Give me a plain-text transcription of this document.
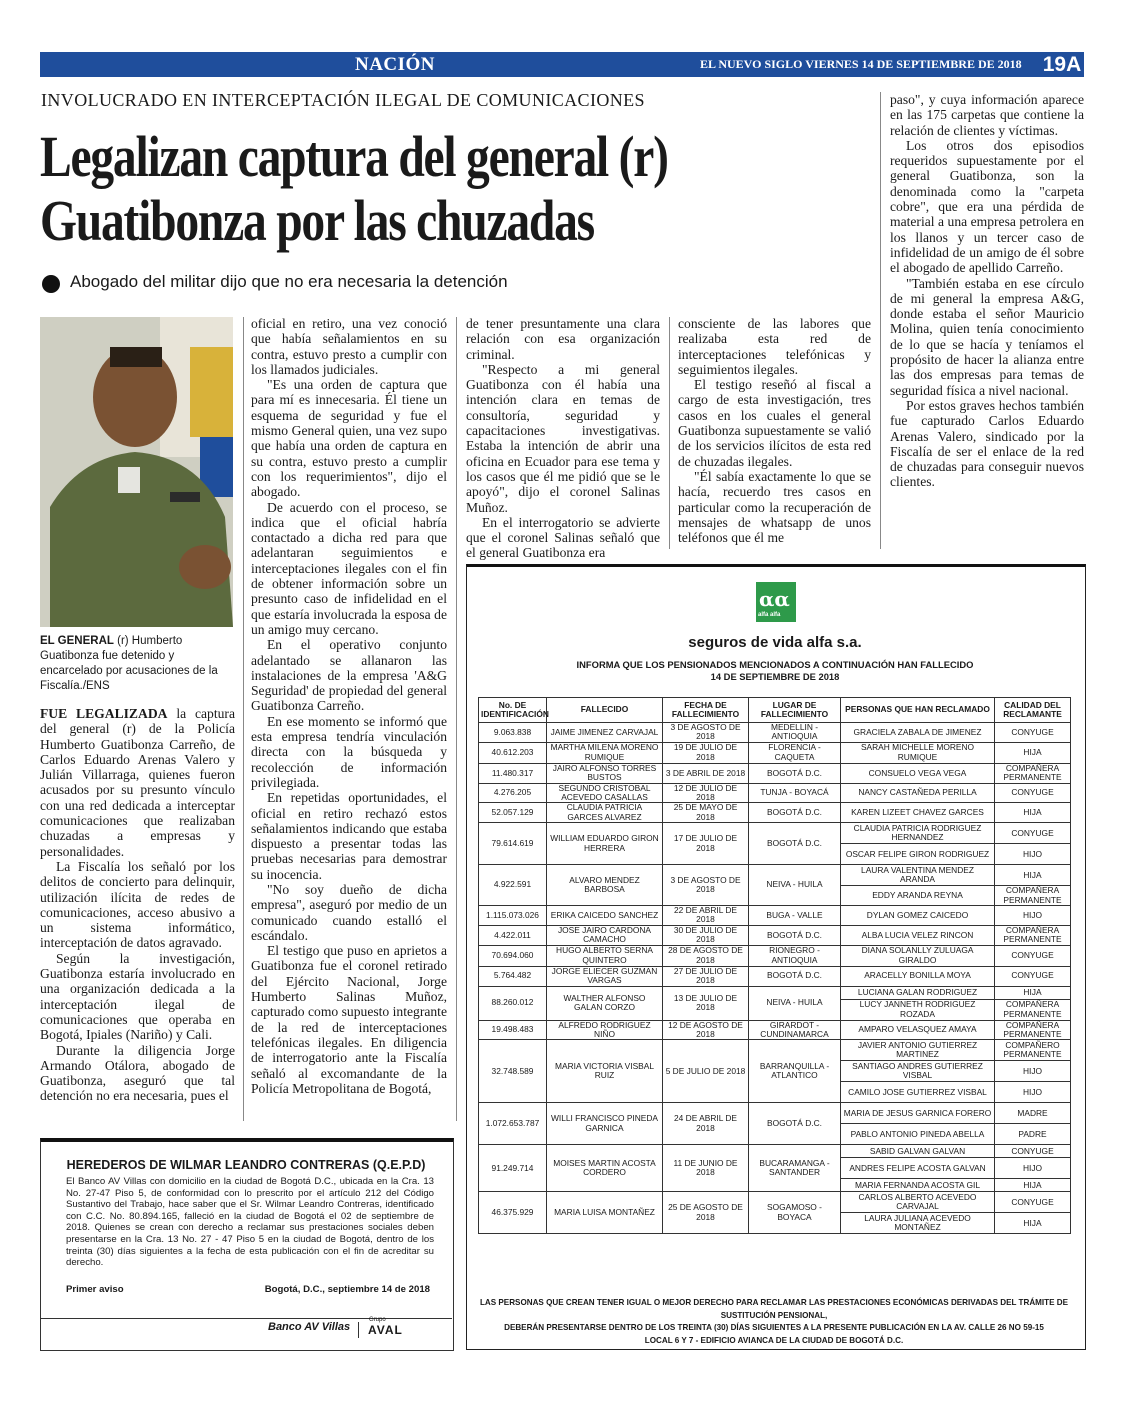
NACIÓN	EL NUEVO SIGLO VIERNES 14 DE SEPTIEMBRE DE 2018	19A
INVOLUCRADO EN INTERCEPTACIÓN ILEGAL DE COMUNICACIONES
Legalizan captura del general (r)
Guatibonza por las chuzadas
Abogado del militar dijo que no era necesaria la detención
EL GENERAL (r) Humberto Guatibonza fue detenido y encarcelado por acusaciones de la Fiscalía./ENS

FUE LEGALIZADA la captura del general (r) de la Policía Humberto Guatibonza Carreño, de Carlos Eduardo Arenas Valero y Julián Villarraga, quienes fueron acusados por su presunto vínculo con una red dedicada a interceptar comunicaciones que realizaban chuzadas a empresas y personalidades.

La Fiscalía los señaló por los delitos de concierto para delinquir, utilización ilícita de redes de comunicaciones, acceso abusivo a un sistema informático, interceptación de datos agravado.

Según la investigación, Guatibonza estaría involucrado en una organización dedicada a la interceptación ilegal de comunicaciones que operaba en Bogotá, Ipiales (Nariño) y Cali.

Durante la diligencia Jorge Armando Otálora, abogado de Guatibonza, aseguró que tal detención no era necesaria, pues el

oficial en retiro, una vez conoció que había señalamientos en su contra, estuvo presto a cumplir con los llamados judiciales.

"Es una orden de captura que para mí es innecesaria. Él tiene un esquema de seguridad y fue el mismo General quien, una vez supo que había una orden de captura en su contra, estuvo presto a cumplir con los requerimientos", dijo el abogado.

De acuerdo con el proceso, se indica que el oficial habría contactado a dicha red para que adelantaran seguimientos e interceptaciones ilegales con el fin de obtener información sobre un presunto caso de infidelidad en el que estaría involucrada la esposa de un amigo muy cercano.

En el operativo conjunto adelantado se allanaron las instalaciones de la empresa 'A&G Seguridad' de propiedad del general Guatibonza Carreño.

En ese momento se informó que esta empresa tendría vinculación directa con la búsqueda y recolección de información privilegiada.

En repetidas oportunidades, el oficial en retiro rechazó estos señalamientos indicando que estaba dispuesto a presentar todas las pruebas necesarias para demostrar su inocencia.

"No soy dueño de dicha empresa", aseguró por medio de un comunicado cuando estalló el escándalo.

El testigo que puso en aprietos a Guatibonza fue el coronel retirado del Ejército Nacional, Jorge Humberto Salinas Muñoz, capturado como supuesto integrante de la red de interceptaciones telefónicas ilegales. En diligencia de interrogatorio ante la Fiscalía señaló al excomandante de la Policía Metropolitana de Bogotá,

de tener presuntamente una clara relación con esa organización criminal.

"Respecto a mi general Guatibonza con él había una intención clara en temas de consultoría, seguridad y capacitaciones investigativas. Estaba la intención de abrir una oficina en Ecuador para ese tema y los casos que él me pidió que se le apoyó", dijo el coronel Salinas Muñoz.

En el interrogatorio se advierte que el coronel Salinas señaló que el general Guatibonza era

consciente de las labores que realizaba esta red de interceptaciones telefónicas y seguimientos ilegales.

El testigo reseñó al fiscal a cargo de esta investigación, tres casos en los cuales el general Guatibonza supuestamente se valió de los servicios ilícitos de esta red de chuzadas ilegales.

"Él sabía exactamente lo que se hacía, recuerdo tres casos en particular como la recuperación de mensajes de whatsapp de unos teléfonos que él me

paso", y cuya información aparece en las 175 carpetas que contiene la relación de clientes y víctimas.

Los otros dos episodios requeridos supuestamente por el general Guatibonza, son la denominada como la "carpeta cobre", que era una pérdida de material a una empresa petrolera en los llanos y un tercer caso de infidelidad de un amigo de él sobre el abogado de apellido Carreño.

"También estaba en ese círculo de mi general la empresa A&G, donde estaba el señor Mauricio Molina, quien tenía conocimiento de lo que se hacía y teníamos el propósito de hacer la alianza entre las dos empresas para temas de seguridad física a nivel nacional.

Por estos graves hechos también fue capturado Carlos Eduardo Arenas Valero, sindicado por la Fiscalía de ser el enlace de la red de chuzadas para conseguir nuevos clientes.

HEREDEROS DE WILMAR LEANDRO CONTRERAS (Q.E.P.D)
El Banco AV Villas con domicilio en la ciudad de Bogotá D.C., ubicada en la Cra. 13 No. 27-47 Piso 5, de conformidad con lo prescrito por el artículo 212 del Código Sustantivo del Trabajo, hace saber que el Sr. Wilmar Leandro Contreras, identificado con C.C. No. 80.894.165, falleció en la ciudad de Bogotá el 02 de septiembre de 2018. Quienes se crean con derecho a reclamar sus prestaciones sociales deben presentarse en la Cra. 13 No. 27 - 47 Piso 5 en la ciudad de Bogotá, dentro de los treinta (30) días siguientes a la fecha de esta publicación con el fin de acreditar su derecho.
Primer aviso	Bogotá, D.C., septiembre 14 de 2018
Banco AV Villas
Grupo
AVAL
αα
alfa alfa
seguros de vida alfa s.a.
INFORMA QUE LOS PENSIONADOS MENCIONADOS A CONTINUACIÓN HAN FALLECIDO
14 DE SEPTIEMBRE DE 2018
No. DE IDENTIFICACIÓN	FALLECIDO	FECHA DE FALLECIMIENTO	LUGAR DE FALLECIMIENTO	PERSONAS QUE HAN RECLAMADO	CALIDAD DEL RECLAMANTE
9.063.838	JAIME JIMENEZ CARVAJAL	3 DE AGOSTO DE 2018	MEDELLIN - ANTIOQUIA	GRACIELA ZABALA DE JIMENEZ	CONYUGE
40.612.203	MARTHA MILENA MORENO RUMIQUE	19 DE JULIO DE 2018	FLORENCIA - CAQUETA	SARAH MICHELLE MORENO RUMIQUE	HIJA
11.480.317	JAIRO ALFONSO TORRES BUSTOS	3 DE ABRIL DE 2018	BOGOTÁ D.C.	CONSUELO VEGA VEGA	COMPAÑERA PERMANENTE
4.276.205	SEGUNDO CRISTOBAL ACEVEDO CASALLAS	12 DE JULIO DE 2018	TUNJA - BOYACÁ	NANCY CASTAÑEDA PERILLA	CONYUGE
52.057.129	CLAUDIA PATRICIA GARCES ALVAREZ	25 DE MAYO DE 2018	BOGOTÁ D.C.	KAREN LIZEET CHAVEZ GARCES	HIJA
79.614.619	WILLIAM EDUARDO GIRON HERRERA	17 DE JULIO DE 2018	BOGOTÁ D.C.	CLAUDIA PATRICIA RODRIGUEZ HERNANDEZ	CONYUGE
				OSCAR FELIPE GIRON RODRIGUEZ	HIJO
4.922.591	ALVARO MENDEZ BARBOSA	3 DE AGOSTO DE 2018	NEIVA - HUILA	LAURA VALENTINA MENDEZ ARANDA	HIJA
				EDDY ARANDA REYNA	COMPAÑERA PERMANENTE
1.115.073.026	ERIKA CAICEDO SANCHEZ	22 DE ABRIL DE 2018	BUGA - VALLE	DYLAN GOMEZ CAICEDO	HIJO
4.422.011	JOSE JAIRO CARDONA CAMACHO	30 DE JULIO DE 2018	BOGOTÁ D.C.	ALBA LUCIA VELEZ RINCON	COMPAÑERA PERMANENTE
70.694.060	HUGO ALBERTO SERNA QUINTERO	28 DE AGOSTO DE 2018	RIONEGRO - ANTIOQUIA	DIANA SOLANLLY ZULUAGA GIRALDO	CONYUGE
5.764.482	JORGE ELIECER GUZMAN VARGAS	27 DE JULIO DE 2018	BOGOTÁ D.C.	ARACELLY BONILLA MOYA	CONYUGE
88.260.012	WALTHER ALFONSO GALAN CORZO	13 DE JULIO DE 2018	NEIVA - HUILA	LUCIANA GALAN RODRIGUEZ	HIJA
				LUCY JANNETH RODRIGUEZ ROZADA	COMPAÑERA PERMANENTE
19.498.483	ALFREDO RODRIGUEZ NIÑO	12 DE AGOSTO DE 2018	GIRARDOT - CUNDINAMARCA	AMPARO VELASQUEZ AMAYA	COMPAÑERA PERMANENTE
32.748.589	MARIA VICTORIA VISBAL RUIZ	5 DE JULIO DE 2018	BARRANQUILLA - ATLANTICO	JAVIER ANTONIO GUTIERREZ MARTINEZ	COMPAÑERO PERMANENTE
				SANTIAGO ANDRES GUTIERREZ VISBAL	HIJO
				CAMILO JOSE GUTIERREZ VISBAL	HIJO
1.072.653.787	WILLI FRANCISCO PINEDA GARNICA	24 DE ABRIL DE 2018	BOGOTÁ D.C.	MARIA DE JESUS GARNICA FORERO	MADRE
				PABLO ANTONIO PINEDA ABELLA	PADRE
91.249.714	MOISES MARTIN ACOSTA CORDERO	11 DE JUNIO DE 2018	BUCARAMANGA - SANTANDER	SABID GALVAN GALVAN	CONYUGE
				ANDRES FELIPE ACOSTA GALVAN	HIJO
				MARIA FERNANDA ACOSTA GIL	HIJA
46.375.929	MARIA LUISA MONTAÑEZ	25 DE AGOSTO DE 2018	SOGAMOSO - BOYACA	CARLOS ALBERTO ACEVEDO CARVAJAL	CONYUGE
				LAURA JULIANA ACEVEDO MONTAÑEZ	HIJA
LAS PERSONAS QUE CREAN TENER IGUAL O MEJOR DERECHO PARA RECLAMAR LAS PRESTACIONES ECONÓMICAS DERIVADAS DEL TRÁMITE DE SUSTITUCIÓN PENSIONAL,
DEBERÁN PRESENTARSE DENTRO DE LOS TREINTA (30) DÍAS SIGUIENTES A LA PRESENTE PUBLICACIÓN EN LA AV. CALLE 26 NO 59-15
LOCAL 6 Y 7 - EDIFICIO AVIANCA DE LA CIUDAD DE BOGOTÁ D.C.
